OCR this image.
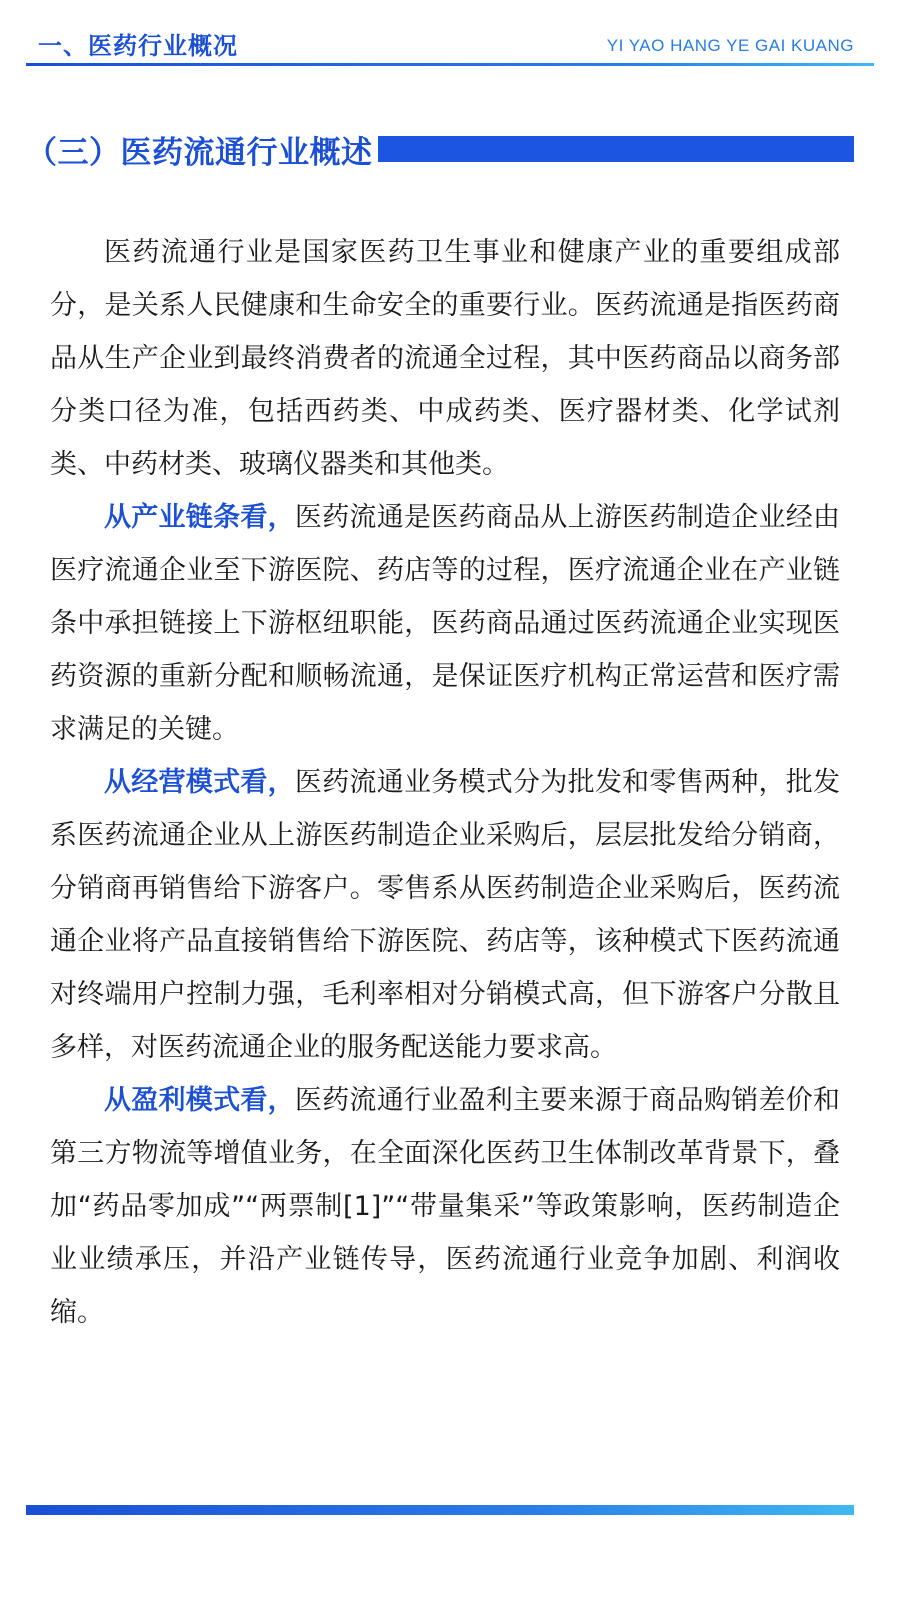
一、医药行业概况	YI YAO HANG YE GAI KUANG
（三）医药流通行业概述

医药流通行业是国家医药卫生事业和健康产业的重要组成部分，是关系人民健康和生命安全的重要行业。医药流通是指医药商品从生产企业到最终消费者的流通全过程，其中医药商品以商务部分类口径为准，包括西药类、中成药类、医疗器材类、化学试剂类、中药材类、玻璃仪器类和其他类。

从产业链条看，医药流通是医药商品从上游医药制造企业经由医疗流通企业至下游医院、药店等的过程，医疗流通企业在产业链条中承担链接上下游枢纽职能，医药商品通过医药流通企业实现医药资源的重新分配和顺畅流通，是保证医疗机构正常运营和医疗需求满足的关键。

从经营模式看，医药流通业务模式分为批发和零售两种，批发系医药流通企业从上游医药制造企业采购后，层层批发给分销商，分销商再销售给下游客户。零售系从医药制造企业采购后，医药流通企业将产品直接销售给下游医院、药店等，该种模式下医药流通对终端用户控制力强，毛利率相对分销模式高，但下游客户分散且多样，对医药流通企业的服务配送能力要求高。

从盈利模式看，医药流通行业盈利主要来源于商品购销差价和第三方物流等增值业务，在全面深化医药卫生体制改革背景下，叠加“药品零加成”“两票制[1]”“带量集采”等政策影响，医药制造企业业绩承压，并沿产业链传导，医药流通行业竞争加剧、利润收缩。
